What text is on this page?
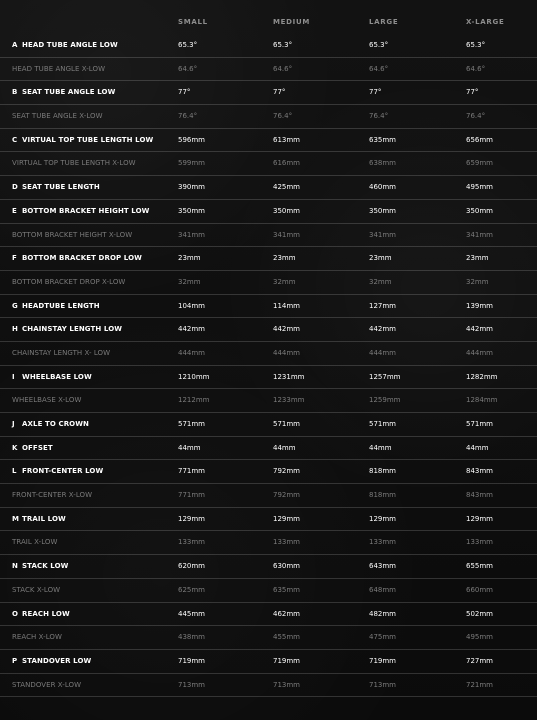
SMALL	MEDIUM	LARGE	X-LARGE
A HEAD TUBE ANGLE LOW	65.3°	65.3°	65.3°	65.3°
HEAD TUBE ANGLE X-LOW	64.6°	64.6°	64.6°	64.6°
B SEAT TUBE ANGLE LOW	77°	77°	77°	77°
SEAT TUBE ANGLE X-LOW	76.4°	76.4°	76.4°	76.4°
C VIRTUAL TOP TUBE LENGTH LOW	596mm	613mm	635mm	656mm
VIRTUAL TOP TUBE LENGTH X-LOW	599mm	616mm	638mm	659mm
D SEAT TUBE LENGTH	390mm	425mm	460mm	495mm
E BOTTOM BRACKET HEIGHT LOW	350mm	350mm	350mm	350mm
BOTTOM BRACKET HEIGHT X-LOW	341mm	341mm	341mm	341mm
F BOTTOM BRACKET DROP LOW	23mm	23mm	23mm	23mm
BOTTOM BRACKET DROP X-LOW	32mm	32mm	32mm	32mm
G HEADTUBE LENGTH	104mm	114mm	127mm	139mm
H CHAINSTAY LENGTH LOW	442mm	442mm	442mm	442mm
CHAINSTAY LENGTH X- LOW	444mm	444mm	444mm	444mm
I WHEELBASE LOW	1210mm	1231mm	1257mm	1282mm
WHEELBASE X-LOW	1212mm	1233mm	1259mm	1284mm
J AXLE TO CROWN	571mm	571mm	571mm	571mm
K OFFSET	44mm	44mm	44mm	44mm
L FRONT-CENTER LOW	771mm	792mm	818mm	843mm
FRONT-CENTER X-LOW	771mm	792mm	818mm	843mm
M TRAIL LOW	129mm	129mm	129mm	129mm
TRAIL X-LOW	133mm	133mm	133mm	133mm
N STACK LOW	620mm	630mm	643mm	655mm
STACK X-LOW	625mm	635mm	648mm	660mm
O REACH LOW	445mm	462mm	482mm	502mm
REACH X-LOW	438mm	455mm	475mm	495mm
P STANDOVER LOW	719mm	719mm	719mm	727mm
STANDOVER X-LOW	713mm	713mm	713mm	721mm
